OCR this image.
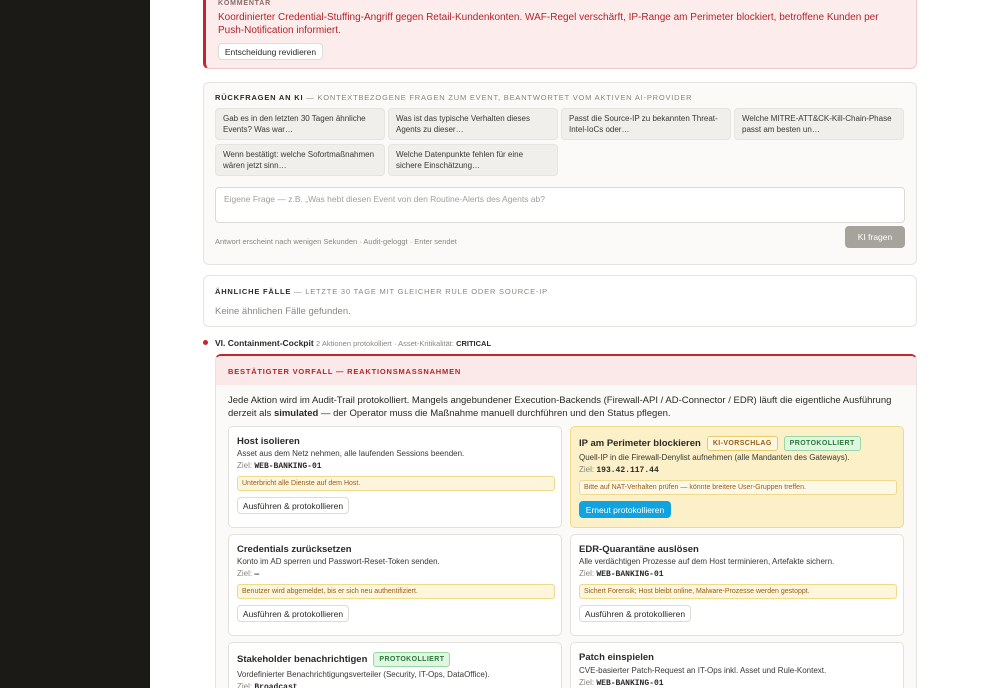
KOMMENTAR
Koordinierter Credential-Stuffing-Angriff gegen Retail-Kundenkonten. WAF-Regel verschärft, IP-Range am Perimeter blockiert, betroffene Kunden per Push-Notification informiert.
Entscheidung revidieren
RÜCKFRAGEN AN KI — KONTEXTBEZOGENE FRAGEN ZUM EVENT, BEANTWORTET VOM AKTIVEN AI-PROVIDER
Gab es in den letzten 30 Tagen ähnliche Events? Was war…
Was ist das typische Verhalten dieses Agents zu dieser…
Passt die Source-IP zu bekannten Threat-Intel-IoCs oder…
Welche MITRE-ATT&CK-Kill-Chain-Phase passt am besten un…
Wenn bestätigt: welche Sofortmaßnahmen wären jetzt sinn…
Welche Datenpunkte fehlen für eine sichere Einschätzung…
Eigene Frage — z.B. „Was hebt diesen Event von den Routine-Alerts des Agents ab?
Antwort erscheint nach wenigen Sekunden · Audit-geloggt · Enter sendet	KI fragen
ÄHNLICHE FÄLLE — LETZTE 30 TAGE MIT GLEICHER RULE ODER SOURCE-IP
Keine ähnlichen Fälle gefunden.
VI. Containment-Cockpit 2 Aktionen protokolliert · Asset-Kritikalität: CRITICAL
BESTÄTIGTER VORFALL — REAKTIONSMASSNAHMEN
Jede Aktion wird im Audit-Trail protokolliert. Mangels angebundener Execution-Backends (Firewall-API / AD-Connector / EDR) läuft die eigentliche Ausführung derzeit als simulated — der Operator muss die Maßnahme manuell durchführen und den Status pflegen.
Host isolieren
Asset aus dem Netz nehmen, alle laufenden Sessions beenden.
Ziel: WEB-BANKING-01
Unterbricht alle Dienste auf dem Host.
Ausführen & protokollieren
IP am Perimeter blockieren	KI-VORSCHLAG	PROTOKOLLIERT
Quell-IP in die Firewall-Denylist aufnehmen (alle Mandanten des Gateways).
Ziel: 193.42.117.44
Bitte auf NAT-Verhalten prüfen — könnte breitere User-Gruppen treffen.
Erneut protokollieren
Credentials zurücksetzen
Konto im AD sperren und Passwort-Reset-Token senden.
Ziel: —
Benutzer wird abgemeldet, bis er sich neu authentifiziert.
Ausführen & protokollieren
EDR-Quarantäne auslösen
Alle verdächtigen Prozesse auf dem Host terminieren, Artefakte sichern.
Ziel: WEB-BANKING-01
Sichert Forensik; Host bleibt online, Malware-Prozesse werden gestoppt.
Ausführen & protokollieren
Stakeholder benachrichtigen	PROTOKOLLIERT
Vordefinierter Benachrichtigungsverteiler (Security, IT-Ops, DataOffice).
Ziel: Broadcast
Patch einspielen
CVE-basierter Patch-Request an IT-Ops inkl. Asset und Rule-Kontext.
Ziel: WEB-BANKING-01
